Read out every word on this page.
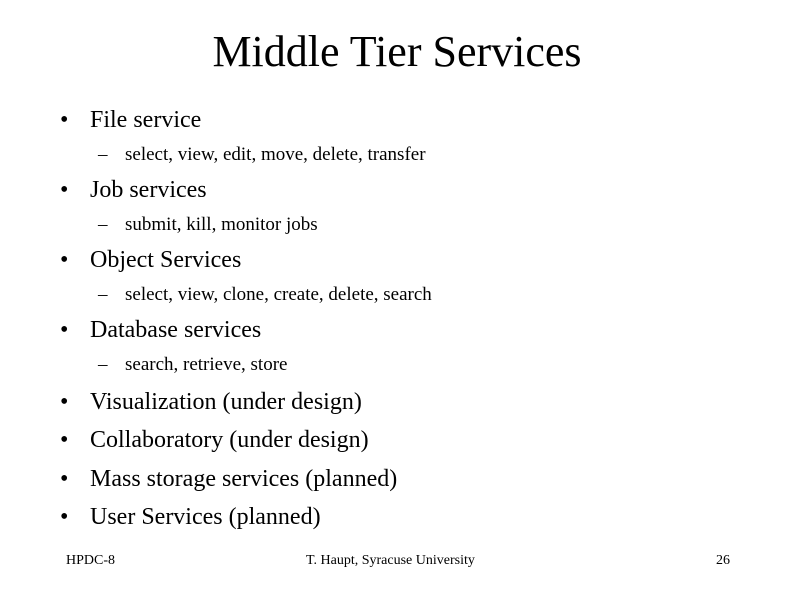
Middle Tier Services
• File service
– select, view, edit, move, delete, transfer
• Job services
– submit, kill, monitor jobs
• Object Services
– select, view, clone, create, delete, search
• Database services
– search, retrieve, store
• Visualization (under design)
• Collaboratory (under design)
• Mass storage services (planned)
• User Services (planned)
HPDC-8	T. Haupt, Syracuse University	26
